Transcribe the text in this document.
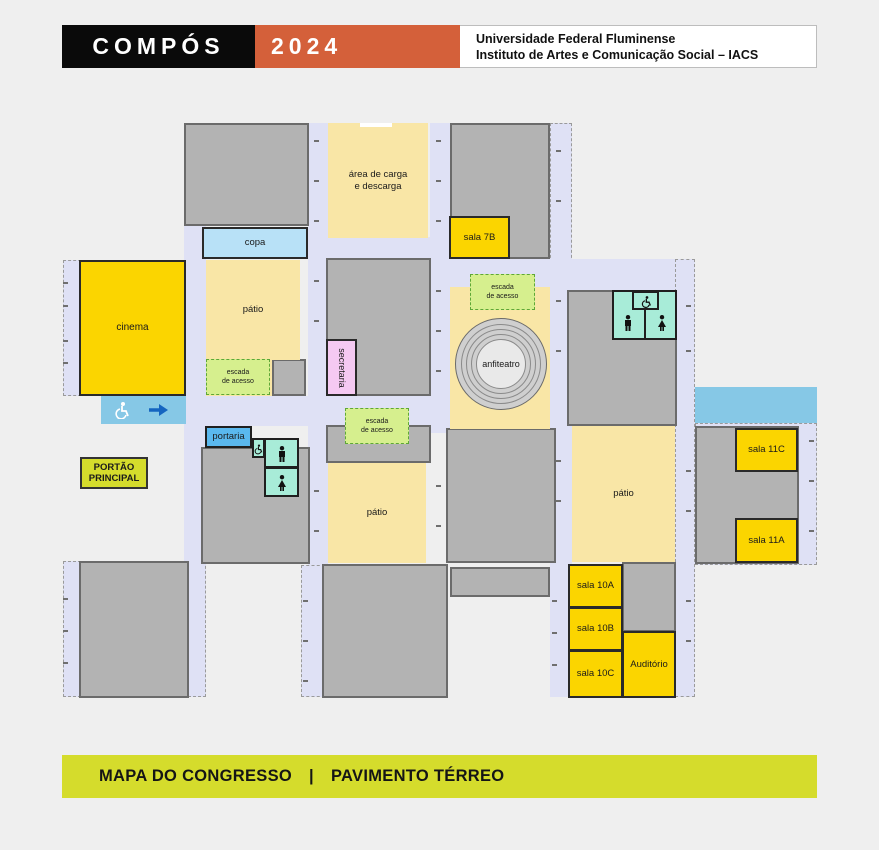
COMPÓS	2024	Universidade Federal Fluminense
Instituto de Artes e Comunicação Social – IACS
área de carga
e descarga
pátio
pátio
pátio
cinema
sala 7B
sala 11C
sala 11A
sala 10A
sala 10B
sala 10C
Auditório
copa
portaria
secretaria
escada
de acesso
escada
de acesso
escada
de acesso
anfiteatro
PORTÃO
PRINCIPAL
MAPA DO CONGRESSO | PAVIMENTO TÉRREO
